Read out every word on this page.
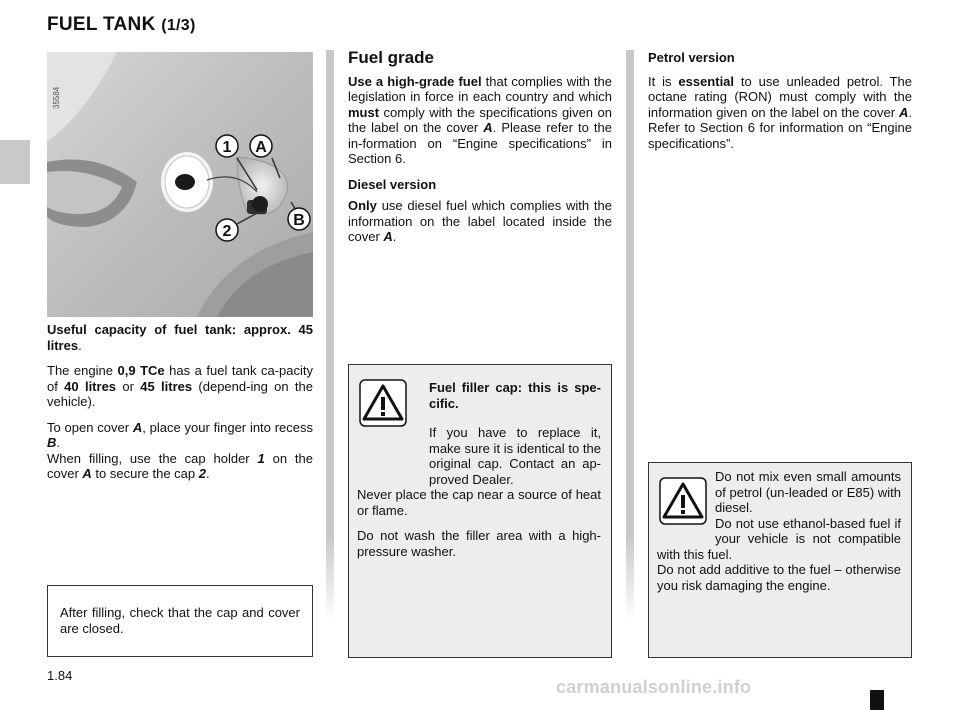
FUEL TANK (1/3)
1 A
2
B
35584

Useful capacity of fuel tank: approx. 45 litres.

The engine 0,9 TCe has a fuel tank ca-pacity of 40 litres or 45 litres (depend-ing on the vehicle).

To open cover A, place your finger into recess B.
When filling, use the cap holder 1 on the cover A to secure the cap 2.

After filling, check that the cap and cover are closed.
Fuel grade

Use a high-grade fuel that complies with the legislation in force in each country and which must comply with the specifications given on the label on the cover A. Please refer to the in-formation on “Engine specifications” in Section 6.

Diesel version

Only use diesel fuel which complies with the information on the label located inside the cover A.

Fuel filler cap: this is spe-cific.

If you have to replace it, make sure it is identical to the original cap. Contact an ap-proved Dealer.
Never place the cap near a source of heat or flame.

Do not wash the filler area with a high-pressure washer.

Petrol version

It is essential to use unleaded petrol. The octane rating (RON) must comply with the information given on the label on the cover A. Refer to Section 6 for information on “Engine specifications”.

Do not mix even small amounts of petrol (un-leaded or E85) with diesel.
Do not use ethanol-based fuel if your vehicle is not compatible with this fuel.
Do not add additive to the fuel – otherwise you risk damaging the engine.
1.84
carmanualsonline.info
